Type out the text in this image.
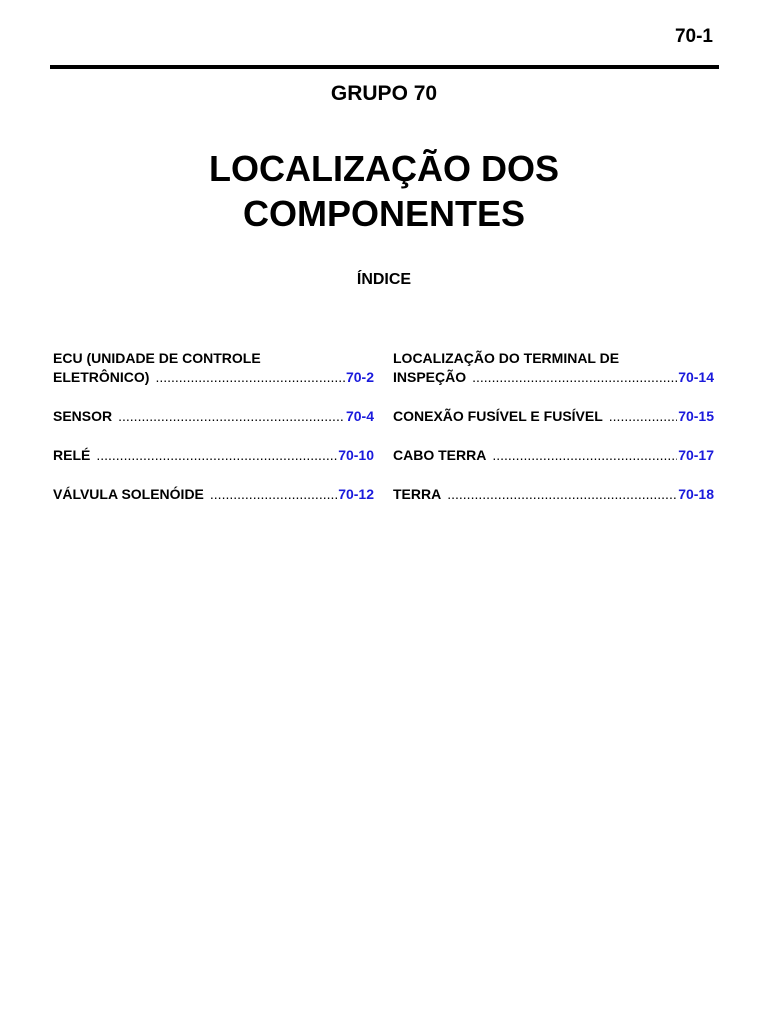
70-1
GRUPO 70
LOCALIZAÇÃO DOS
COMPONENTES
ÍNDICE
ECU (UNIDADE DE CONTROLE
ELETRÔNICO) .....	70-2
SENSOR .....	70-4
RELÉ .....	70-10
VÁLVULA SOLENÓIDE .....	70-12
LOCALIZAÇÃO DO TERMINAL DE
INSPEÇÃO .....	70-14
CONEXÃO FUSÍVEL E FUSÍVEL .....	70-15
CABO TERRA .....	70-17
TERRA .....	70-18
